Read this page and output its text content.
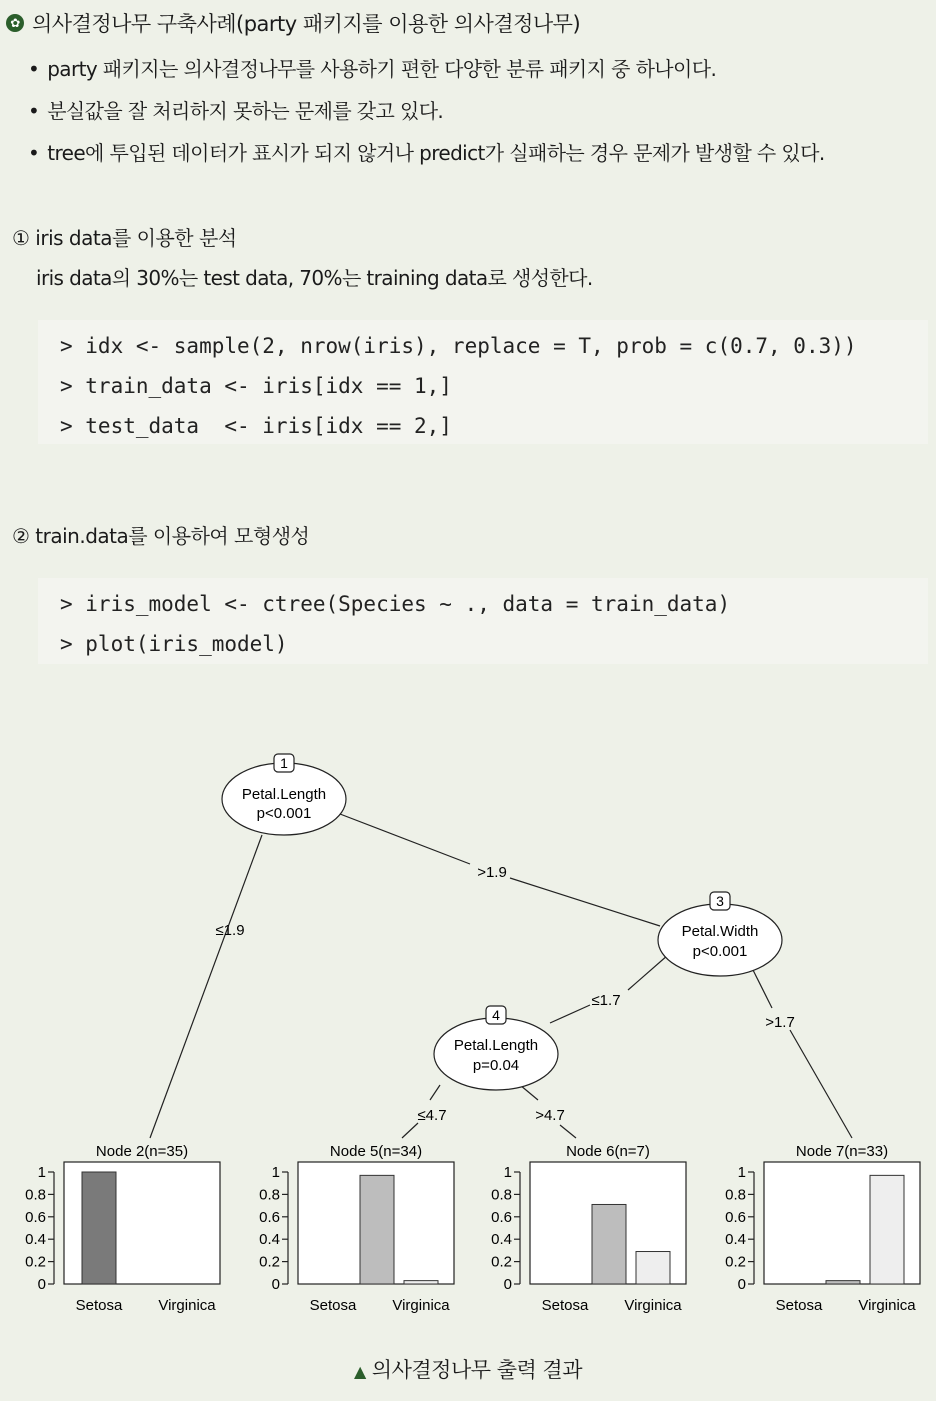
✿ 의사결정나무 구축사례(party 패키지를 이용한 의사결정나무)
• party 패키지는 의사결정나무를 사용하기 편한 다양한 분류 패키지 중 하나이다.
• 분실값을 잘 처리하지 못하는 문제를 갖고 있다.
• tree에 투입된 데이터가 표시가 되지 않거나 predict가 실패하는 경우 문제가 발생할 수 있다.
① iris data를 이용한 분석
iris data의 30%는 test data, 70%는 training data로 생성한다.
> idx <- sample(2, nrow(iris), replace = T, prob = c(0.7, 0.3))
> train_data <- iris[idx == 1,]
> test_data  <- iris[idx == 2,]
② train.data를 이용하여 모형생성
> iris_model <- ctree(Species ~ ., data = train_data)
> plot(iris_model)
1
Petal.Length
p<0.001
3
Petal.Width
p<0.001
4
Petal.Length
p=0.04
≤1.9
>1.9
≤1.7
>1.7
≤4.7	>4.7
Node 2(n=35)
1
0.8
0.6
0.4
0.2
0
Setosa Virginica
Node 5(n=34)
1
0.8
0.6
0.4
0.2
0
Setosa Virginica
Node 6(n=7)
1
0.8
0.6
0.4
0.2
0
Setosa Virginica
Node 7(n=33)
1
0.8
0.6
0.4
0.2
0
Setosa Virginica
▲ 의사결정나무 출력 결과
